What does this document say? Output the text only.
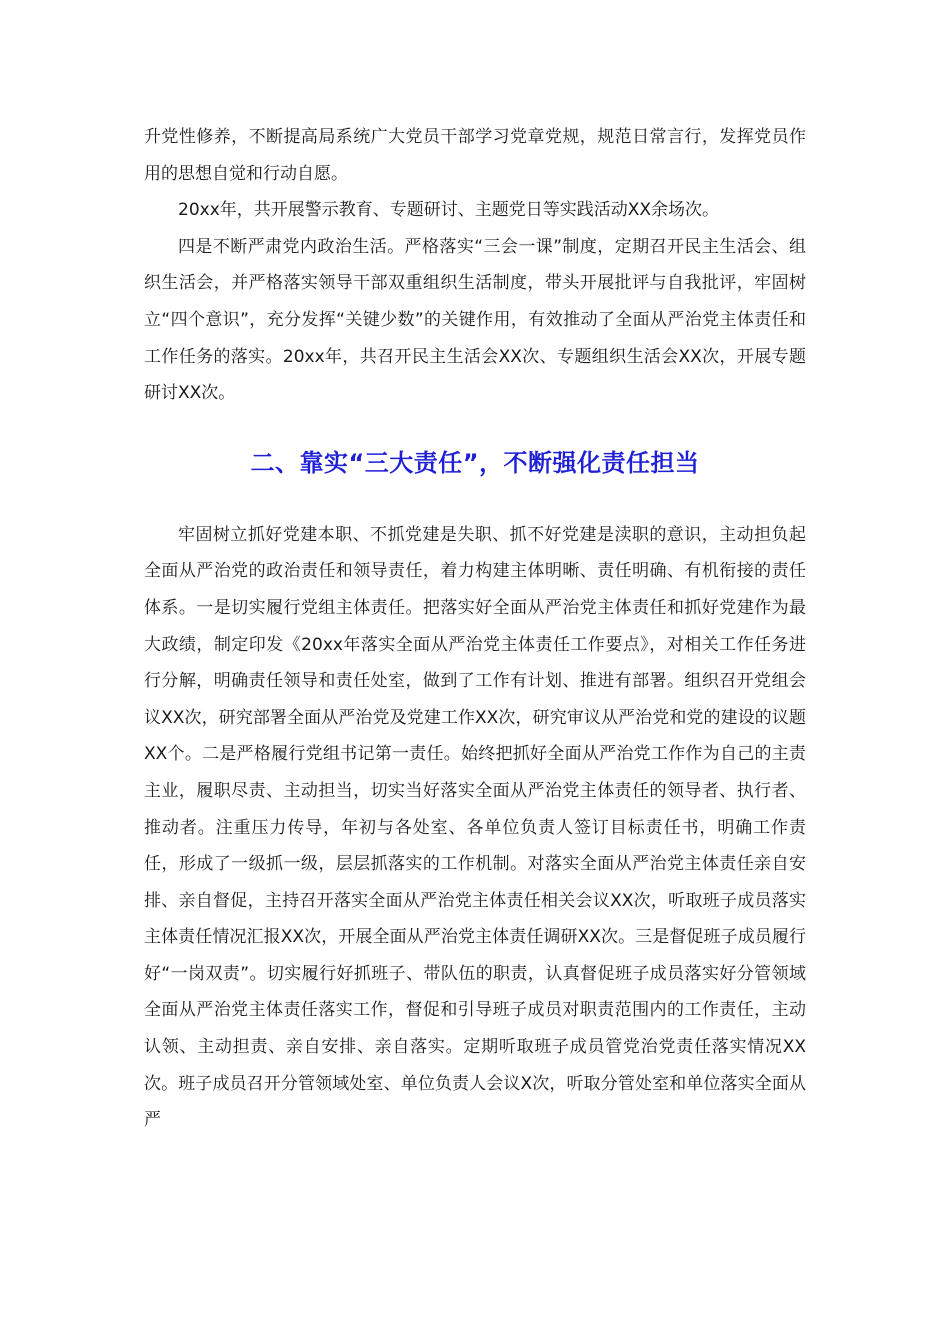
升党性修养，不断提高局系统广大党员干部学习党章党规，规范日常言行，发挥党员作用的思想自觉和行动自愿。

20xx年，共开展警示教育、专题研讨、主题党日等实践活动XX余场次。

四是不断严肃党内政治生活。严格落实“三会一课”制度，定期召开民主生活会、组织生活会，并严格落实领导干部双重组织生活制度，带头开展批评与自我批评，牢固树立“四个意识”，充分发挥“关键少数”的关键作用，有效推动了全面从严治党主体责任和工作任务的落实。20xx年，共召开民主生活会XX次、专题组织生活会XX次，开展专题研讨XX次。

二、靠实“三大责任”，不断强化责任担当

牢固树立抓好党建本职、不抓党建是失职、抓不好党建是渎职的意识，主动担负起全面从严治党的政治责任和领导责任，着力构建主体明晰、责任明确、有机衔接的责任体系。一是切实履行党组主体责任。把落实好全面从严治党主体责任和抓好党建作为最大政绩，制定印发《20xx年落实全面从严治党主体责任工作要点》，对相关工作任务进行分解，明确责任领导和责任处室，做到了工作有计划、推进有部署。组织召开党组会议XX次，研究部署全面从严治党及党建工作XX次，研究审议从严治党和党的建设的议题XX个。二是严格履行党组书记第一责任。始终把抓好全面从严治党工作作为自己的主责主业，履职尽责、主动担当，切实当好落实全面从严治党主体责任的领导者、执行者、推动者。注重压力传导，年初与各处室、各单位负责人签订目标责任书，明确工作责任，形成了一级抓一级，层层抓落实的工作机制。对落实全面从严治党主体责任亲自安排、亲自督促，主持召开落实全面从严治党主体责任相关会议XX次，听取班子成员落实主体责任情况汇报XX次，开展全面从严治党主体责任调研XX次。三是督促班子成员履行好“一岗双责”。切实履行好抓班子、带队伍的职责，认真督促班子成员落实好分管领域全面从严治党主体责任落实工作，督促和引导班子成员对职责范围内的工作责任，主动认领、主动担责、亲自安排、亲自落实。定期听取班子成员管党治党责任落实情况XX次。班子成员召开分管领域处室、单位负责人会议X次，听取分管处室和单位落实全面从严
